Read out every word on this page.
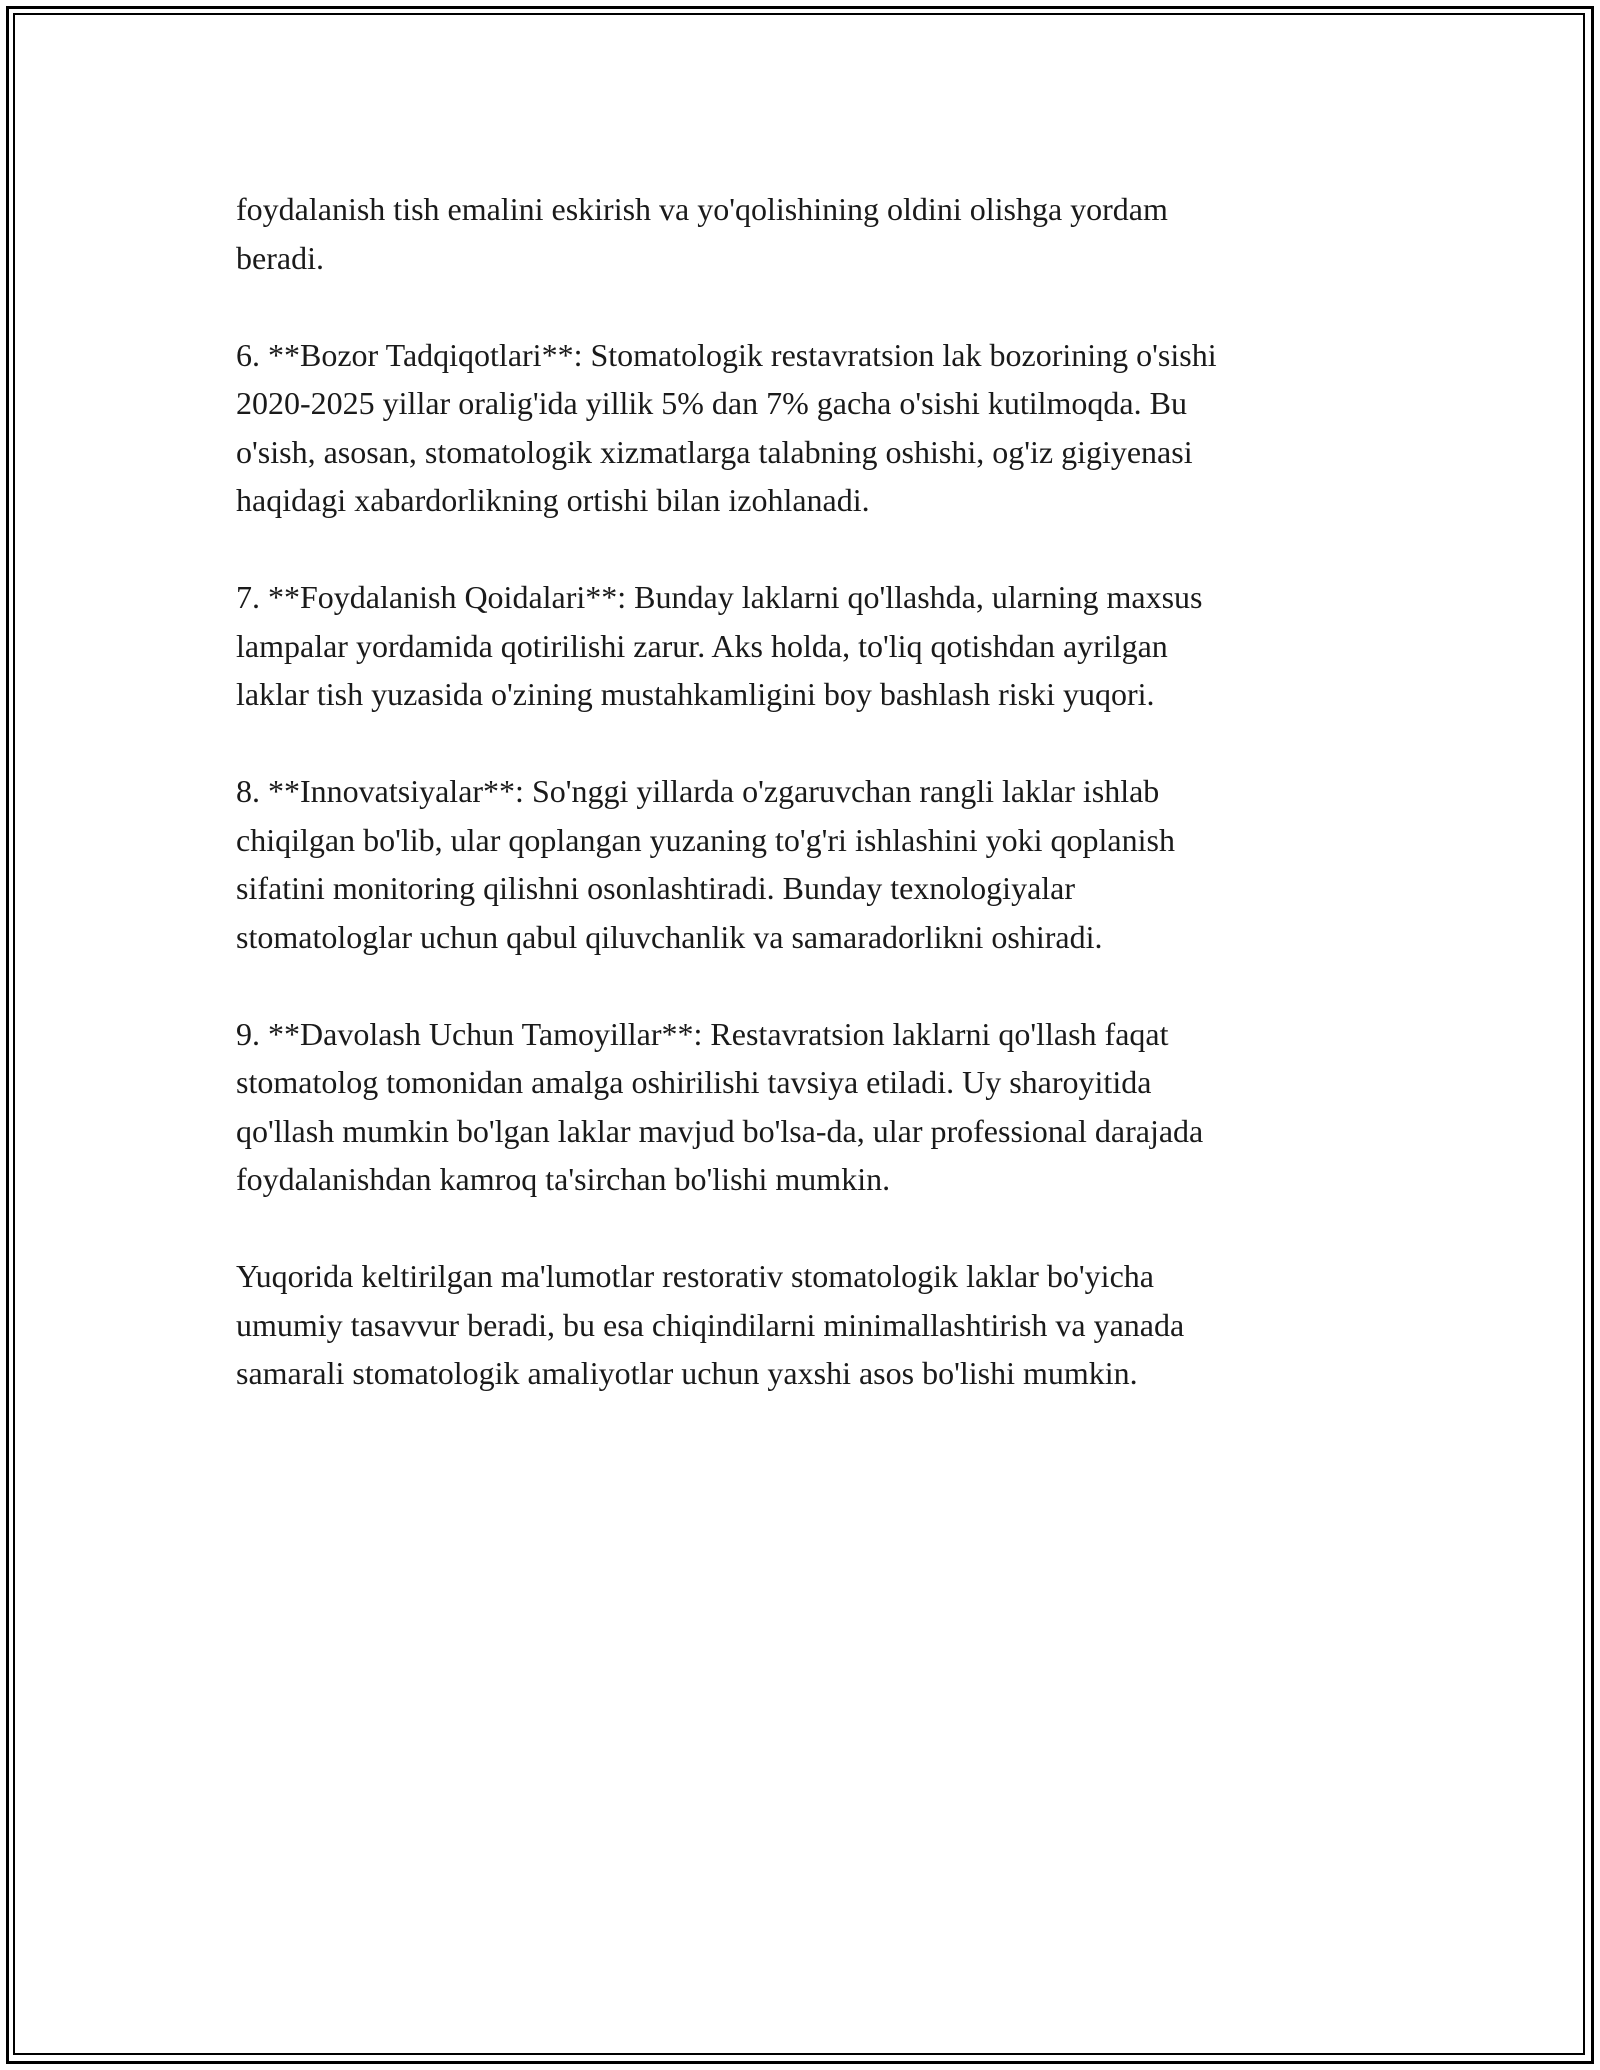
foydalanish tish emalini eskirish va yo'qolishining oldini olishga yordam
beradi.

6. **Bozor Tadqiqotlari**: Stomatologik restavratsion lak bozorining o'sishi
2020-2025 yillar oralig'ida yillik 5% dan 7% gacha o'sishi kutilmoqda. Bu
o'sish, asosan, stomatologik xizmatlarga talabning oshishi, og'iz gigiyenasi
haqidagi xabardorlikning ortishi bilan izohlanadi.

7. **Foydalanish Qoidalari**: Bunday laklarni qo'llashda, ularning maxsus
lampalar yordamida qotirilishi zarur. Aks holda, to'liq qotishdan ayrilgan
laklar tish yuzasida o'zining mustahkamligini boy bashlash riski yuqori.

8. **Innovatsiyalar**: So'nggi yillarda o'zgaruvchan rangli laklar ishlab
chiqilgan bo'lib, ular qoplangan yuzaning to'g'ri ishlashini yoki qoplanish
sifatini monitoring qilishni osonlashtiradi. Bunday texnologiyalar
stomatologlar uchun qabul qiluvchanlik va samaradorlikni oshiradi.

9. **Davolash Uchun Tamoyillar**: Restavratsion laklarni qo'llash faqat
stomatolog tomonidan amalga oshirilishi tavsiya etiladi. Uy sharoyitida
qo'llash mumkin bo'lgan laklar mavjud bo'lsa-da, ular professional darajada
foydalanishdan kamroq ta'sirchan bo'lishi mumkin.

Yuqorida keltirilgan ma'lumotlar restorativ stomatologik laklar bo'yicha
umumiy tasavvur beradi, bu esa chiqindilarni minimallashtirish va yanada
samarali stomatologik amaliyotlar uchun yaxshi asos bo'lishi mumkin.
